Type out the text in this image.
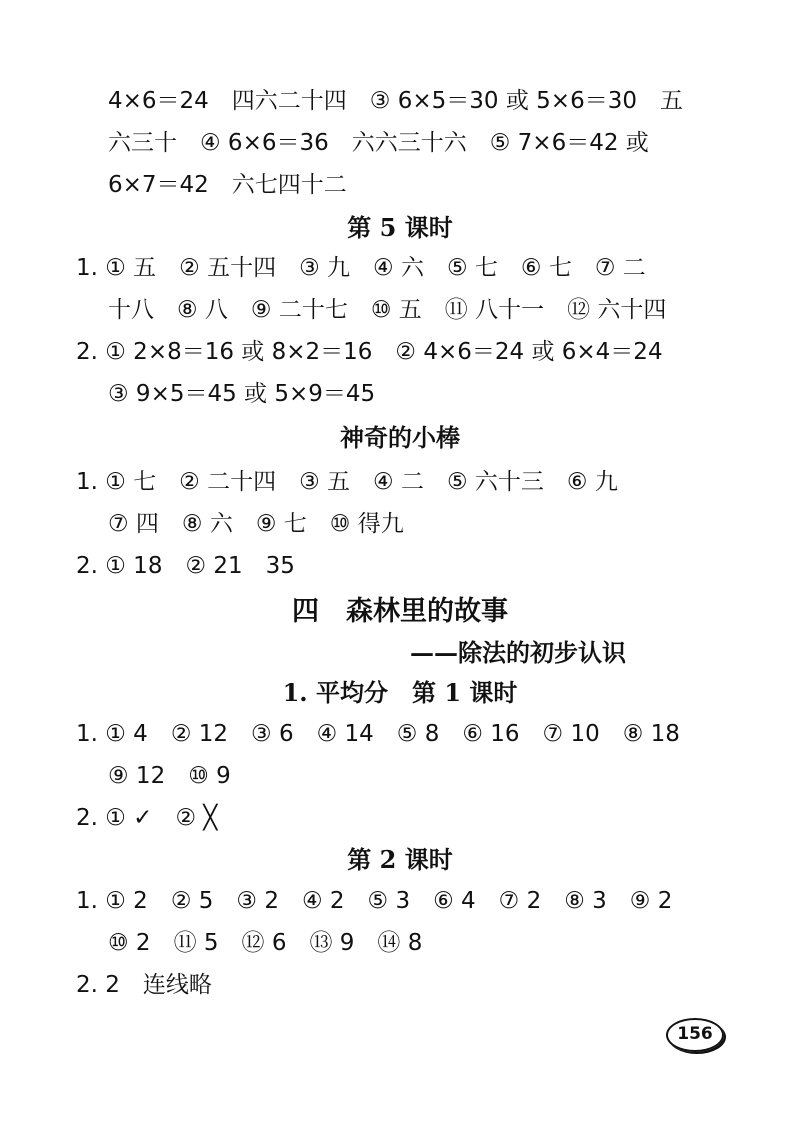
4×6＝24　四六二十四　③ 6×5＝30 或 5×6＝30　五
六三十　④ 6×6＝36　六六三十六　⑤ 7×6＝42 或
6×7＝42　六七四十二
第 5 课时
1. ① 五　② 五十四　③ 九　④ 六　⑤ 七　⑥ 七　⑦ 二
十八　⑧ 八　⑨ 二十七　⑩ 五　⑪ 八十一　⑫ 六十四
2. ① 2×8＝16 或 8×2＝16　② 4×6＝24 或 6×4＝24
③ 9×5＝45 或 5×9＝45
神奇的小棒
1. ① 七　② 二十四　③ 五　④ 二　⑤ 六十三　⑥ 九
⑦ 四　⑧ 六　⑨ 七　⑩ 得九
2. ① 18　② 21　35
四　森林里的故事
——除法的初步认识
1. 平均分　第 1 课时
1. ① 4　② 12　③ 6　④ 14　⑤ 8　⑥ 16　⑦ 10　⑧ 18
⑨ 12　⑩ 9
2. ① ✓　② ╳
第 2 课时
1. ① 2　② 5　③ 2　④ 2　⑤ 3　⑥ 4　⑦ 2　⑧ 3　⑨ 2
⑩ 2　⑪ 5　⑫ 6　⑬ 9　⑭ 8
2. 2　连线略
156
